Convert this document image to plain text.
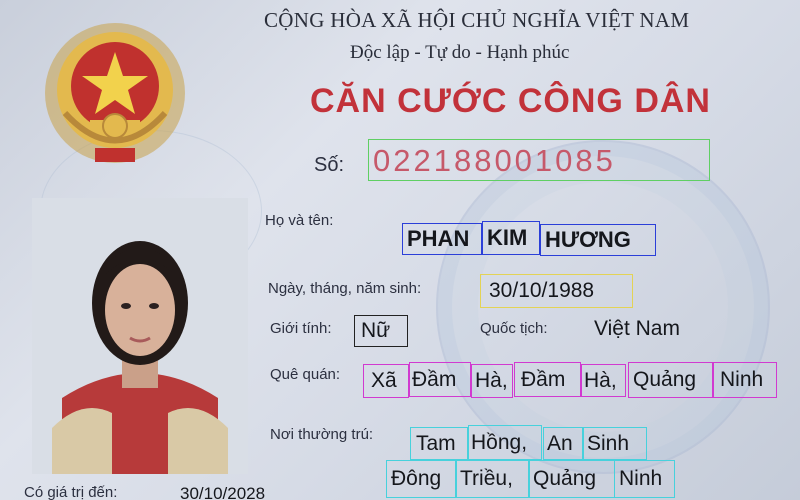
CỘNG HÒA XÃ HỘI CHỦ NGHĨA VIỆT NAM
Độc lập - Tự do - Hạnh phúc
CĂN CƯỚC CÔNG DÂN
Số: 022188001085
Họ và tên:
PHAN KIM HƯƠNG
Ngày, tháng, năm sinh:	30/10/1988
Giới tính:	Nữ	Quốc tịch: Việt Nam
Quê quán:	Xã Đầm Hà, Đầm Hà, Quảng	Ninh
Nơi thường trú: Tam Hồng, An Sinh
Đông Triều, Quảng	Ninh
Có giá trị đến:	30/10/2028
